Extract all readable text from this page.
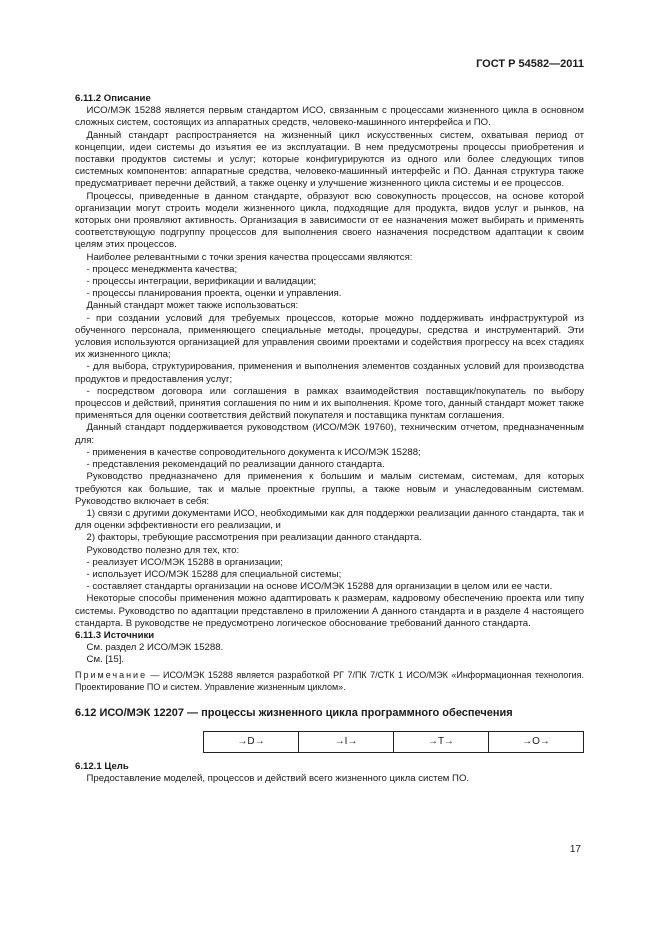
ГОСТ Р 54582—2011

6.11.2 Описание

ИСО/МЭК 15288 является первым стандартом ИСО, связанным с процессами жизненного цикла в основном сложных систем, состоящих из аппаратных средств, человеко-машинного интерфейса и ПО.

Данный стандарт распространяется на жизненный цикл искусственных систем, охватывая период от концепции, идеи системы до изъятия ее из эксплуатации. В нем предусмотрены процессы приобретения и поставки продуктов системы и услуг; которые конфигурируются из одного или более следующих типов системных компонентов: аппаратные средства, человеко-машинный интерфейс и ПО. Данная структура также предусматривает перечни действий, а также оценку и улучшение жизненного цикла системы и ее процессов.

Процессы, приведенные в данном стандарте, образуют всю совокупность процессов, на основе которой организации могут строить модели жизненного цикла, подходящие для продукта, видов услуг и рынков, на которых они проявляют активность. Организация в зависимости от ее назначения может выбирать и применять соответствующую подгруппу процессов для выполнения своего назначения посредством адаптации к своим целям этих процессов.

Наиболее релевантными с точки зрения качества процессами являются:

- процесс менеджмента качества;

- процессы интеграции, верификации и валидации;

- процессы планирования проекта, оценки и управления.

Данный стандарт может также использоваться:

- при создании условий для требуемых процессов, которые можно поддерживать инфраструктурой из обученного персонала, применяющего специальные методы, процедуры, средства и инструментарий. Эти условия используются организацией для управления своими проектами и содействия прогрессу на всех стадиях их жизненного цикла;

- для выбора, структурирования, применения и выполнения элементов созданных условий для производства продуктов и предоставления услуг;

- посредством договора или соглашения в рамках взаимодействия поставщик/покупатель по выбору процессов и действий, принятия соглашения по ним и их выполнения. Кроме того, данный стандарт может также применяться для оценки соответствия действий покупателя и поставщика пунктам соглашения.

Данный стандарт поддерживается руководством (ИСО/МЭК 19760), техническим отчетом, предназначенным для:

- применения в качестве сопроводительного документа к ИСО/МЭК 15288;

- представления рекомендаций по реализации данного стандарта.

Руководство предназначено для применения к большим и малым системам, системам, для которых требуются как большие, так и малые проектные группы, а также новым и унаследованным системам. Руководство включает в себя:

1) связи с другими документами ИСО, необходимыми как для поддержки реализации данного стандарта, так и для оценки эффективности его реализации, и

2) факторы, требующие рассмотрения при реализации данного стандарта.

Руководство полезно для тех, кто:

- реализует ИСО/МЭК 15288 в организации;

- использует ИСО/МЭК 15288 для специальной системы;

- составляет стандарты организации на основе ИСО/МЭК 15288 для организации в целом или ее части.

Некоторые способы применения можно адаптировать к размерам, кадровому обеспечению проекта или типу системы. Руководство по адаптации представлено в приложении А данного стандарта и в разделе 4 настоящего стандарта. В руководстве не предусмотрено логическое обоснование требований данного стандарта.

6.11.3 Источники

См. раздел 2 ИСО/МЭК 15288.

См. [15].

Примечание — ИСО/МЭК 15288 является разработкой РГ 7/ПК 7/СТК 1 ИСО/МЭК «Информационная технология. Проектирование ПО и систем. Управление жизненным циклом».

6.12 ИСО/МЭК 12207 — процессы жизненного цикла программного обеспечения

→D→	→I→	→T→	→O→

6.12.1 Цель

Предоставление моделей, процессов и действий всего жизненного цикла систем ПО.

17
